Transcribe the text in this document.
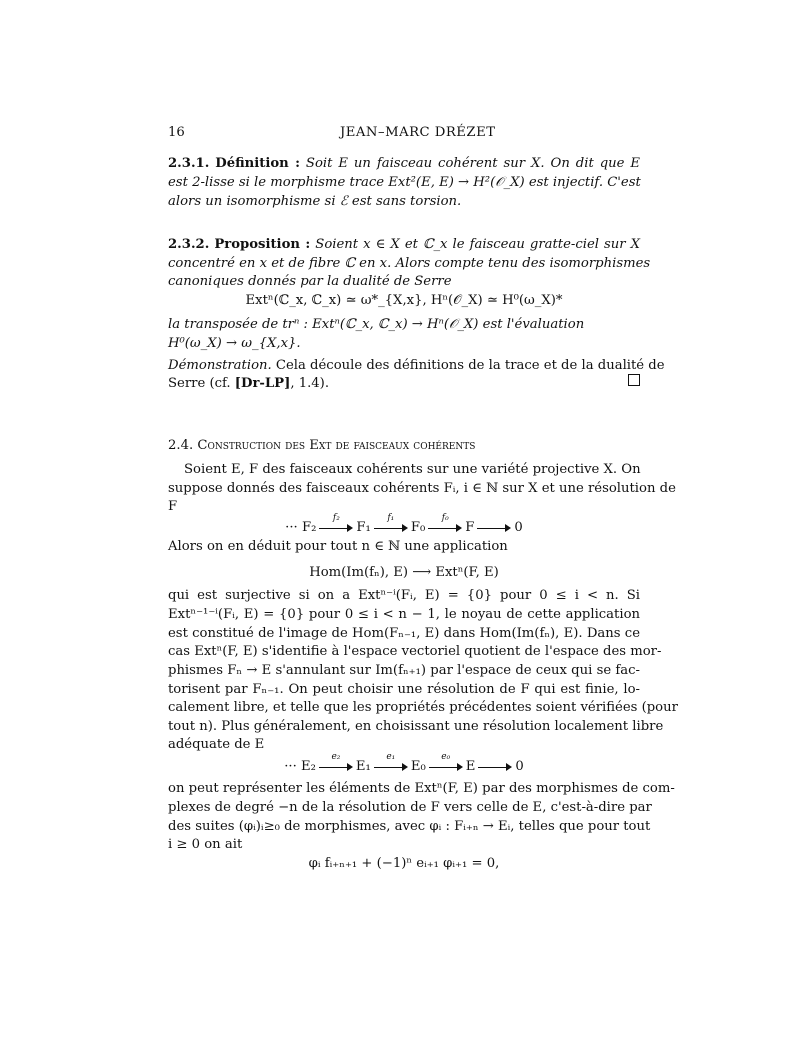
16	JEAN–MARC DRÉZET
2.3.1. Définition : Soit E un faisceau cohérent sur X. On dit que E
est 2-lisse si le morphisme trace Ext²(E, E) → H²(𝒪_X) est injectif. C'est
alors un isomorphisme si ℰ est sans torsion.
2.3.2. Proposition : Soient x ∈ X et ℂ_x le faisceau gratte-ciel sur X
concentré en x et de fibre ℂ en x. Alors compte tenu des isomorphismes
canoniques donnés par la dualité de Serre
Extⁿ(ℂ_x, ℂ_x) ≃ ω*_{X,x}, Hⁿ(𝒪_X) ≃ H⁰(ω_X)*
la transposée de trⁿ : Extⁿ(ℂ_x, ℂ_x) → Hⁿ(𝒪_X) est l'évaluation
H⁰(ω_X) → ω_{X,x}.
Démonstration. Cela découle des définitions de la trace et de la dualité de
Serre (cf. [Dr-LP], 1.4).
2.4. Construction des Ext de faisceaux cohérents
Soient E, F des faisceaux cohérents sur une variété projective X. On
suppose donnés des faisceaux cohérents Fᵢ, i ∈ ℕ sur X et une résolution de
F
··· F₂
f₂
F₁
f₁
F₀
f₀
F	0
Alors on en déduit pour tout n ∈ ℕ une application
Hom(Im(fₙ), E) ⟶ Extⁿ(F, E)
qui est surjective si on a Extⁿ⁻ⁱ(Fᵢ, E) = {0} pour 0 ≤ i < n. Si
Extⁿ⁻¹⁻ⁱ(Fᵢ, E) = {0} pour 0 ≤ i < n − 1, le noyau de cette application
est constitué de l'image de Hom(Fₙ₋₁, E) dans Hom(Im(fₙ), E). Dans ce
cas Extⁿ(F, E) s'identifie à l'espace vectoriel quotient de l'espace des mor-
phismes Fₙ → E s'annulant sur Im(fₙ₊₁) par l'espace de ceux qui se fac-
torisent par Fₙ₋₁. On peut choisir une résolution de F qui est finie, lo-
calement libre, et telle que les propriétés précédentes soient vérifiées (pour
tout n). Plus généralement, en choisissant une résolution localement libre
adéquate de E
··· E₂
e₂
E₁
e₁
E₀
e₀
E	0
on peut représenter les éléments de Extⁿ(F, E) par des morphismes de com-
plexes de degré −n de la résolution de F vers celle de E, c'est-à-dire par
des suites (φᵢ)ᵢ≥₀ de morphismes, avec φᵢ : Fᵢ₊ₙ → Eᵢ, telles que pour tout
i ≥ 0 on ait
φᵢ fᵢ₊ₙ₊₁ + (−1)ⁿ eᵢ₊₁ φᵢ₊₁ = 0,
